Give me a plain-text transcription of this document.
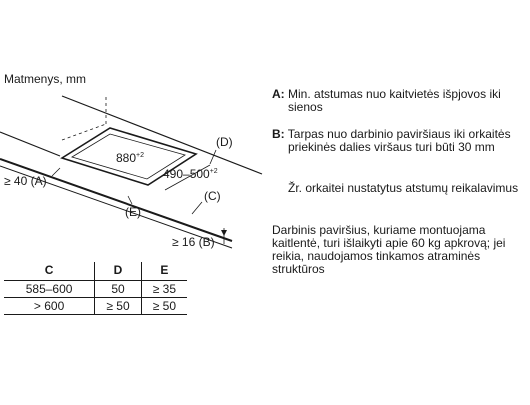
Matmenys, mm
$880^{+2}$
$490-500^{+2}$
(D)
(C)
(E)
≥ 40 (A)
≥ 16 (B)
A: Min. atstumas nuo kaitvietės išpjovos iki sienos
B: Tarpas nuo darbinio paviršiaus iki orkaitės priekinės dalies viršaus turi būti 30 mm
Žr. orkaitei nustatytus atstumų reikalavimus
Darbinis paviršius, kuriame montuojama kaitlentė, turi išlaikyti apie 60 kg apkrovą; jei reikia, naudojamos tinkamos atraminės struktūros
C	D	E
585–600	50	≥ 35
> 600	≥ 50	≥ 50
